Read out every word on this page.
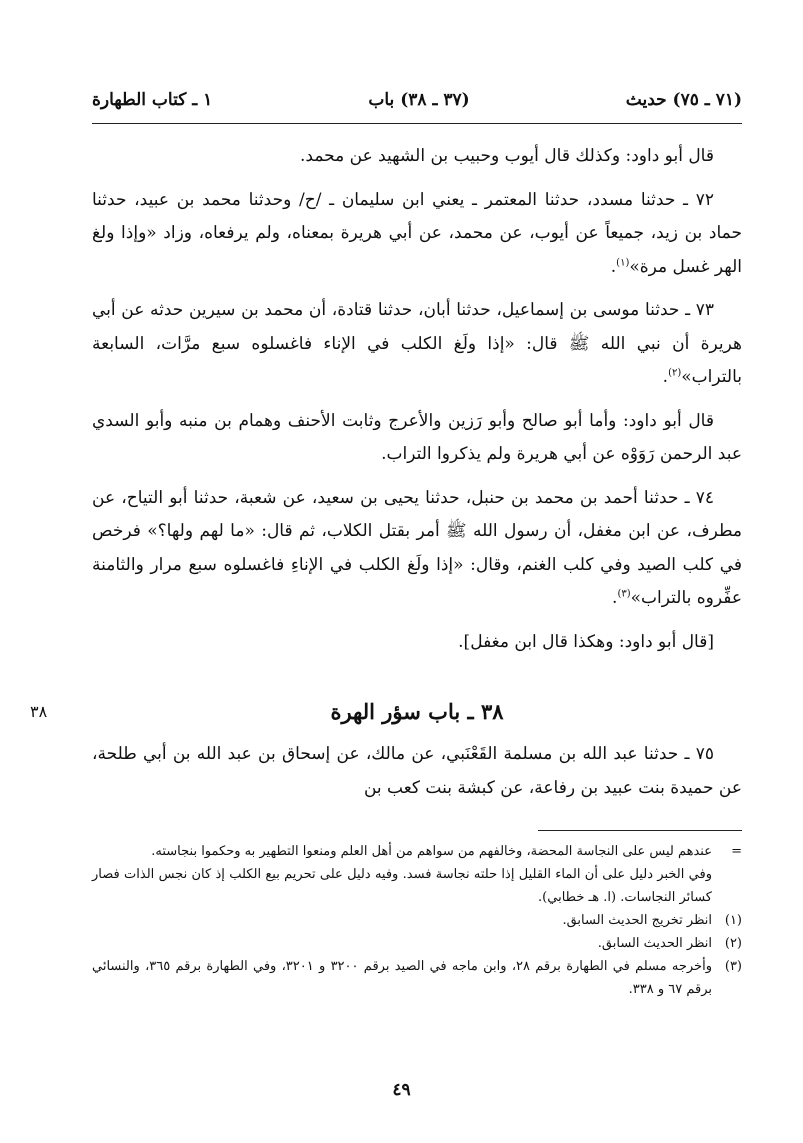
١ ـ كتاب الطهارة	(٣٧ ـ ٣٨) باب	(٧١ ـ ٧٥) حديث

قال أبو داود: وكذلك قال أيوب وحبيب بن الشهيد عن محمد.

٧٢ ـ حدثنا مسدد، حدثنا المعتمر ـ يعني ابن سليمان ـ /ح/ وحدثنا محمد بن عبيد، حدثنا حماد بن زيد، جميعاً عن أيوب، عن محمد، عن أبي هريرة بمعناه، ولم يرفعاه، وزاد «وإذا ولغ الهر غسل مرة»$^{(١)}$.

٧٣ ـ حدثنا موسى بن إسماعيل، حدثنا أبان، حدثنا قتادة، أن محمد بن سيرين حدثه عن أبي هريرة أن نبي الله ﷺ قال: «إذا ولَغ الكلب في الإناء فاغسلوه سبع مرَّات، السابعة بالتراب»$^{(٢)}$.

قال أبو داود: وأما أبو صالح وأبو رَزين والأعرج وثابت الأحنف وهمام بن منبه وأبو السدي عبد الرحمن رَوَوْه عن أبي هريرة ولم يذكروا التراب.

٧٤ ـ حدثنا أحمد بن محمد بن حنبل، حدثنا يحيى بن سعيد، عن شعبة، حدثنا أبو التياح، عن مطرف، عن ابن مغفل، أن رسول الله ﷺ أمر بقتل الكلاب، ثم قال: «ما لهم ولها؟» فرخص في كلب الصيد وفي كلب الغنم، وقال: «إذا ولَغ الكلب في الإناءِ فاغسلوه سبع مرار والثامنة عفِّروه بالتراب»$^{(٣)}$.

[قال أبو داود: وهكذا قال ابن مغفل].

٣٨ ـ باب سؤر الهرة
٣٨

٧٥ ـ حدثنا عبد الله بن مسلمة القَعْنَبي، عن مالك، عن إسحاق بن عبد الله بن أبي طلحة، عن حميدة بنت عبيد بن رفاعة، عن كبشة بنت كعب بن

=
عندهم ليس على النجاسة المحضة، وخالفهم من سواهم من أهل العلم ومنعوا التطهير به وحكموا بنجاسته.
وفي الخبر دليل على أن الماء القليل إذا حلته نجاسة فسد. وفيه دليل على تحريم بيع الكلب إذ كان نجس الذات فصار كسائر النجاسات. (ا. هـ خطابي).
(١)
انظر تخريج الحديث السابق.
(٢)
انظر الحديث السابق.
(٣)
وأخرجه مسلم في الطهارة برقم ٢٨، وابن ماجه في الصيد برقم ٣٢٠٠ و ٣٢٠١، وفي الطهارة برقم ٣٦٥، والنسائي برقم ٦٧ و ٣٣٨.
٤٩
